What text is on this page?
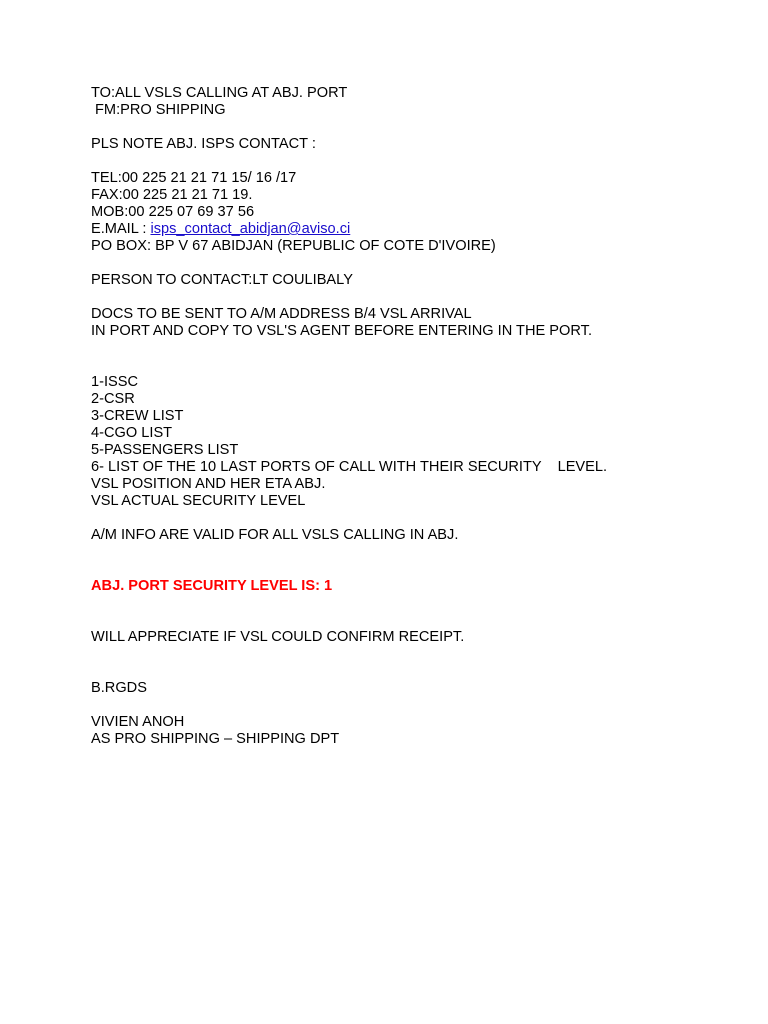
TO:ALL VSLS CALLING AT ABJ. PORT
FM:PRO SHIPPING
PLS NOTE ABJ. ISPS CONTACT :
TEL:00 225 21 21 71 15/ 16 /17
FAX:00 225 21 21 71 19.
MOB:00 225 07 69 37 56
E.MAIL : isps_contact_abidjan@aviso.ci
PO BOX: BP V 67 ABIDJAN (REPUBLIC OF COTE D'IVOIRE)
PERSON TO CONTACT:LT COULIBALY
DOCS TO BE SENT TO A/M ADDRESS B/4 VSL ARRIVAL
IN PORT AND COPY TO VSL'S AGENT BEFORE ENTERING IN THE PORT.
1-ISSC
2-CSR
3-CREW LIST
4-CGO LIST
5-PASSENGERS LIST
6- LIST OF THE 10 LAST PORTS OF CALL WITH THEIR SECURITY    LEVEL.
VSL POSITION AND HER ETA ABJ.
VSL ACTUAL SECURITY LEVEL
A/M INFO ARE VALID FOR ALL VSLS CALLING IN ABJ.
ABJ. PORT SECURITY LEVEL IS: 1
WILL APPRECIATE IF VSL COULD CONFIRM RECEIPT.
B.RGDS
VIVIEN ANOH
AS PRO SHIPPING – SHIPPING DPT
